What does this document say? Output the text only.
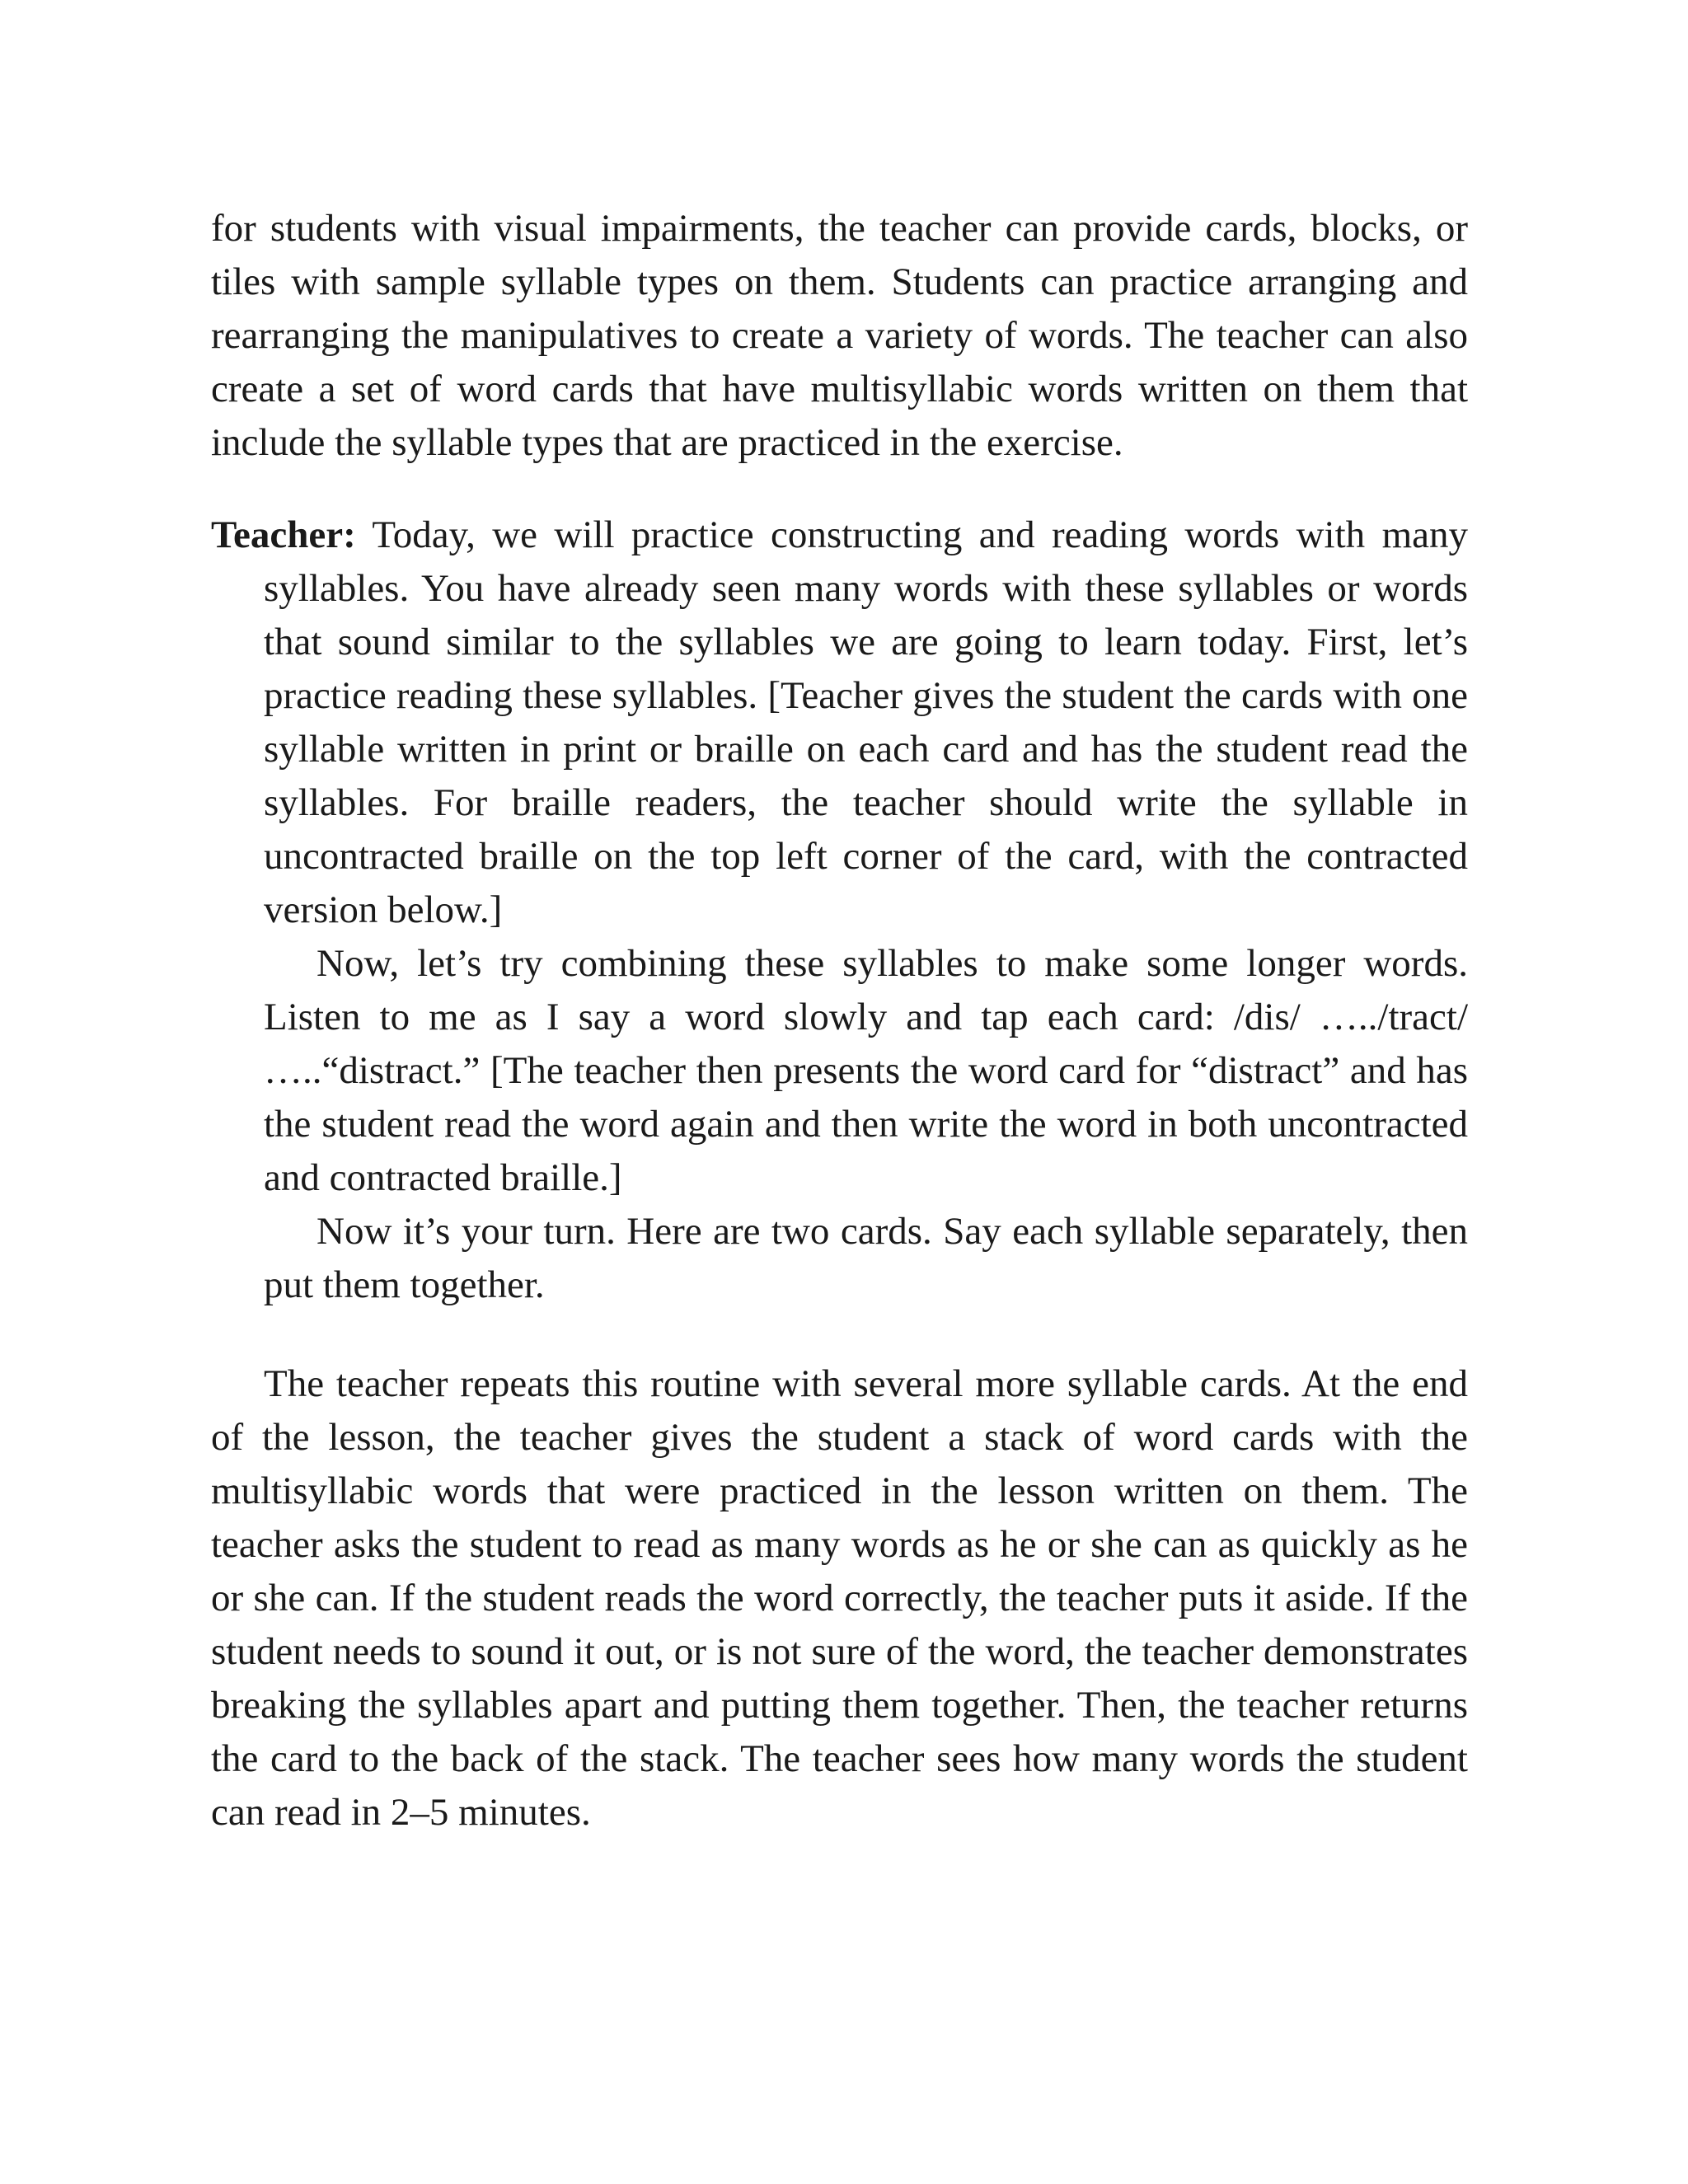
for students with visual impairments, the teacher can provide cards, blocks, or tiles with sample syllable types on them. Students can practice arranging and rearranging the manipulatives to create a variety of words. The teacher can also create a set of word cards that have multisyllabic words written on them that include the syllable types that are practiced in the exercise.

Teacher: Today, we will practice constructing and reading words with many syllables. You have already seen many words with these syllables or words that sound similar to the syllables we are going to learn today. First, let’s practice reading these syllables. [Teacher gives the student the cards with one syllable written in print or braille on each card and has the student read the syllables. For braille readers, the teacher should write the syllable in uncontracted braille on the top left corner of the card, with the contracted version below.]

Now, let’s try combining these syllables to make some longer words. Listen to me as I say a word slowly and tap each card: /dis/ …../tract/ …..“distract.” [The teacher then presents the word card for “distract” and has the student read the word again and then write the word in both uncontracted and contracted braille.]

Now it’s your turn. Here are two cards. Say each syllable separately, then put them together.

The teacher repeats this routine with several more syllable cards. At the end of the lesson, the teacher gives the student a stack of word cards with the multisyllabic words that were practiced in the lesson written on them. The teacher asks the student to read as many words as he or she can as quickly as he or she can. If the student reads the word correctly, the teacher puts it aside. If the student needs to sound it out, or is not sure of the word, the teacher demonstrates breaking the syllables apart and putting them together. Then, the teacher returns the card to the back of the stack. The teacher sees how many words the student can read in 2–5 minutes.
